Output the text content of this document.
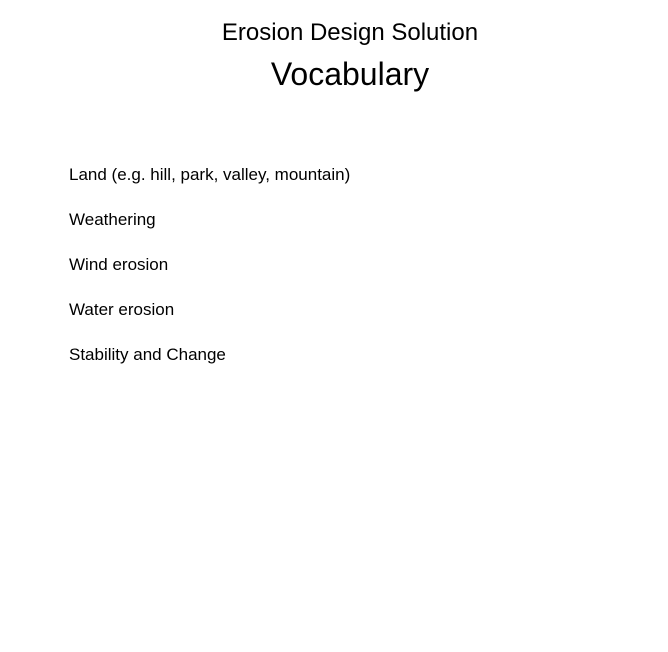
Erosion Design Solution
Vocabulary
Land (e.g. hill, park, valley, mountain)
Weathering
Wind erosion
Water erosion
Stability and Change
